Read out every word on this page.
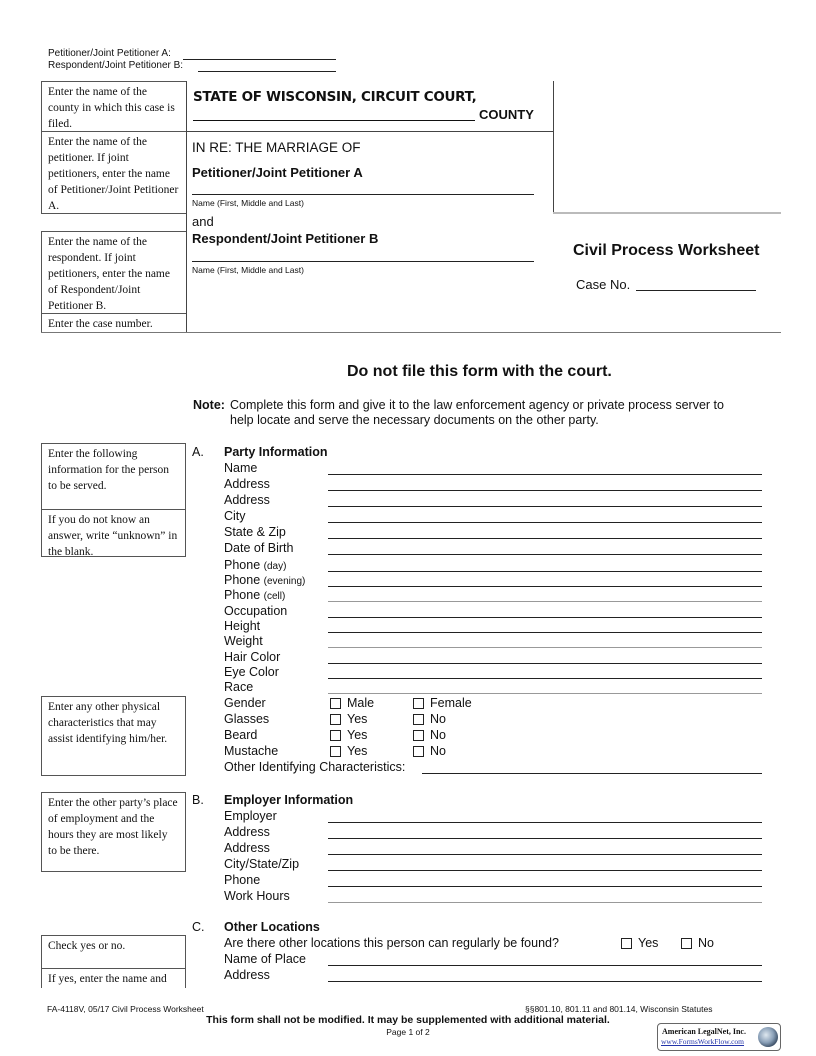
Petitioner/Joint Petitioner A:
Respondent/Joint Petitioner B:
Enter the name of the county in which this case is filed.
Enter the name of the petitioner. If joint petitioners, enter the name of Petitioner/Joint Petitioner A.
Enter the name of the respondent. If joint petitioners, enter the name of Respondent/Joint Petitioner B.
Enter the case number.
STATE OF WISCONSIN, CIRCUIT COURT,
COUNTY
IN RE: THE MARRIAGE OF
Petitioner/Joint Petitioner A
Name (First, Middle and Last)
and
Respondent/Joint Petitioner B
Name (First, Middle and Last)
Civil Process Worksheet
Case No.
Do not file this form with the court.
Note: Complete this form and give it to the law enforcement agency or private process server to
help locate and serve the necessary documents on the other party.
Enter the following information for the person to be served.
If you do not know an answer, write “unknown” in the blank.
A. Party Information
Name
Address
Address
City
State & Zip
Date of Birth
Phone (day)
Phone (evening)
Phone (cell)
Occupation
Height
Weight
Hair Color
Eye Color
Race
Enter any other physical characteristics that may assist identifying him/her.
Gender	Male	Female
Glasses	Yes	No
Beard	Yes	No
Mustache	Yes	No
Other Identifying Characteristics:
Enter the other party’s place of employment and the hours they are most likely to be there.
B. Employer Information
Employer
Address
Address
City/State/Zip
Phone
Work Hours
C. Other Locations
Check yes or no.
If yes, enter the name and
Are there other locations this person can regularly be found?	Yes	No
Name of Place
Address
FA-4118V, 05/17 Civil Process Worksheet	§§801.10, 801.11 and 801.14, Wisconsin Statutes
This form shall not be modified. It may be supplemented with additional material.
Page 1 of 2	American LegalNet, Inc.
www.FormsWorkFlow.com
